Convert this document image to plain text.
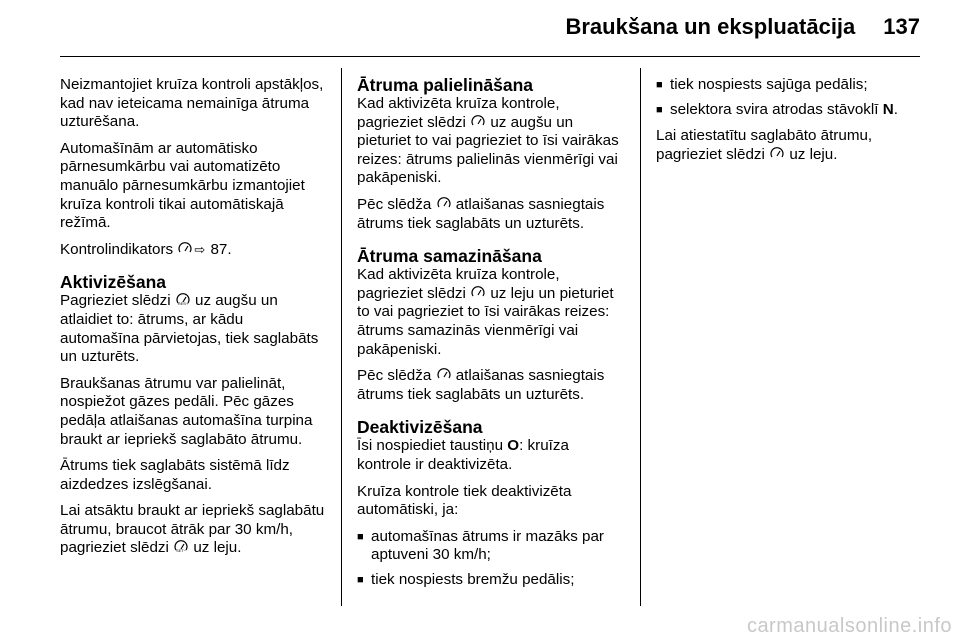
Braukšana un ekspluatācija 137

Neizmantojiet kruīza kontroli apstākļos, kad nav ieteicama nemainīga ātruma uzturēšana.

Automašīnām ar automātisko pārnesumkārbu vai automatizēto manuālo pārnesumkārbu izmantojiet kruīza kontroli tikai automātiskajā režīmā.

Kontrolindikators ⇨ 87.

Aktivizēšana

Pagrieziet slēdzi RES+ uz augšu un atlaidiet to: ātrums, ar kādu automašīna pārvietojas, tiek saglabāts un uzturēts.

Braukšanas ātrumu var palielināt, nospiežot gāzes pedāli. Pēc gāzes pedāļa atlaišanas automašīna turpina braukt ar iepriekš saglabāto ātrumu.

Ātrums tiek saglabāts sistēmā līdz aizdedzes izslēgšanai.

Lai atsāktu braukt ar iepriekš saglabātu ātrumu, braucot ātrāk par 30 km/h, pagrieziet slēdzi SET− uz leju.

Ātruma palielināšana

Kad aktivizēta kruīza kontrole, pagrieziet slēdzi  uz augšu un pieturiet to vai pagrieziet to īsi vairākas reizes: ātrums palielinās vienmērīgi vai pakāpeniski.

Pēc slēdža  atlaišanas sasniegtais ātrums tiek saglabāts un uzturēts.

Ātruma samazināšana

Kad aktivizēta kruīza kontrole, pagrieziet slēdzi  uz leju un pieturiet to vai pagrieziet to īsi vairākas reizes: ātrums samazinās vienmērīgi vai pakāpeniski.

Pēc slēdža  atlaišanas sasniegtais ātrums tiek saglabāts un uzturēts.

Deaktivizēšana

Īsi nospiediet taustiņu O: kruīza kontrole ir deaktivizēta.

Kruīza kontrole tiek deaktivizēta automātiski, ja:

■ automašīnas ātrums ir mazāks par aptuveni 30 km/h;
■ tiek nospiests bremžu pedālis;
■ tiek nospiests sajūga pedālis;
■ selektora svira atrodas stāvoklī N.

Lai atiestatītu saglabāto ātrumu, pagrieziet slēdzi  uz leju.

carmanualsonline.info
